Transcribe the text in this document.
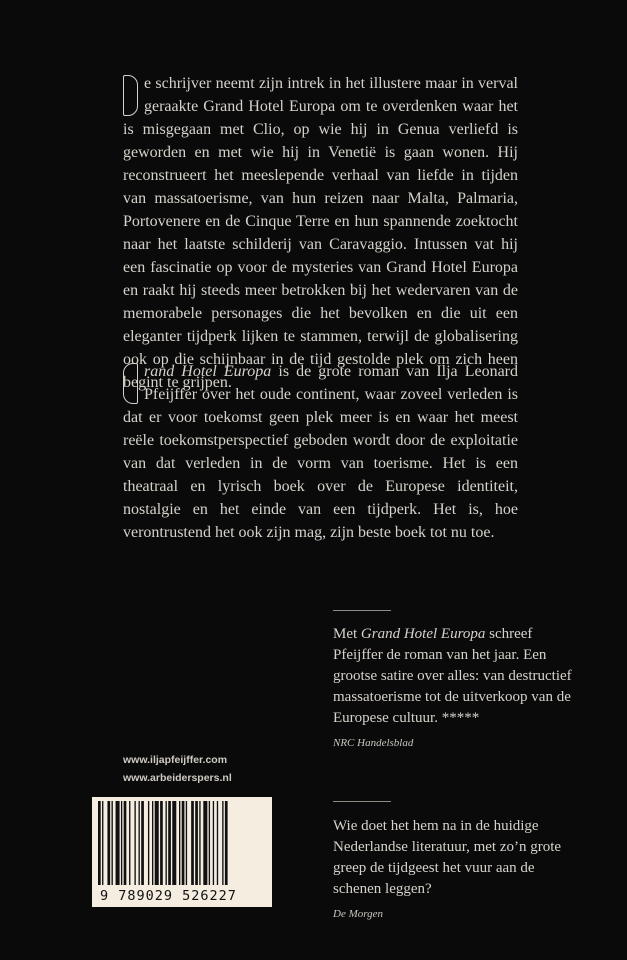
e schrijver neemt zijn intrek in het illustere maar in verval geraakte Grand Hotel Europa om te overdenken waar het is misgegaan met Clio, op wie hij in Genua verliefd is geworden en met wie hij in Venetië is gaan wonen. Hij reconstrueert het meeslepende verhaal van liefde in tijden van massatoerisme, van hun reizen naar Malta, Palmaria, Portovenere en de Cinque Terre en hun spannende zoektocht naar het laatste schilderij van Caravaggio. Intussen vat hij een fascinatie op voor de mysteries van Grand Hotel Europa en raakt hij steeds meer betrokken bij het wedervaren van de memorabele personages die het bevolken en die uit een eleganter tijdperk lijken te stammen, terwijl de globalisering ook op die schijnbaar in de tijd gestolde plek om zich heen begint te grijpen.

rand Hotel Europa is de grote roman van Ilja Leonard Pfeijffer over het oude continent, waar zoveel verleden is dat er voor toekomst geen plek meer is en waar het meest reële toekomstperspectief geboden wordt door de exploitatie van dat verleden in de vorm van toerisme. Het is een theatraal en lyrisch boek over de Europese identiteit, nostalgie en het einde van een tijdperk. Het is, hoe verontrustend het ook zijn mag, zijn beste boek tot nu toe.

Met Grand Hotel Europa schreef Pfeijffer de roman van het jaar. Een grootse satire over alles: van destructief massatoerisme tot de uitverkoop van de Europese cultuur. *****
NRC Handelsblad
Wie doet het hem na in de huidige Nederlandse literatuur, met zo’n grote greep de tijdgeest het vuur aan de schenen leggen?
De Morgen
www.iljapfeijffer.com
www.arbeiderspers.nl
9 789029 526227
